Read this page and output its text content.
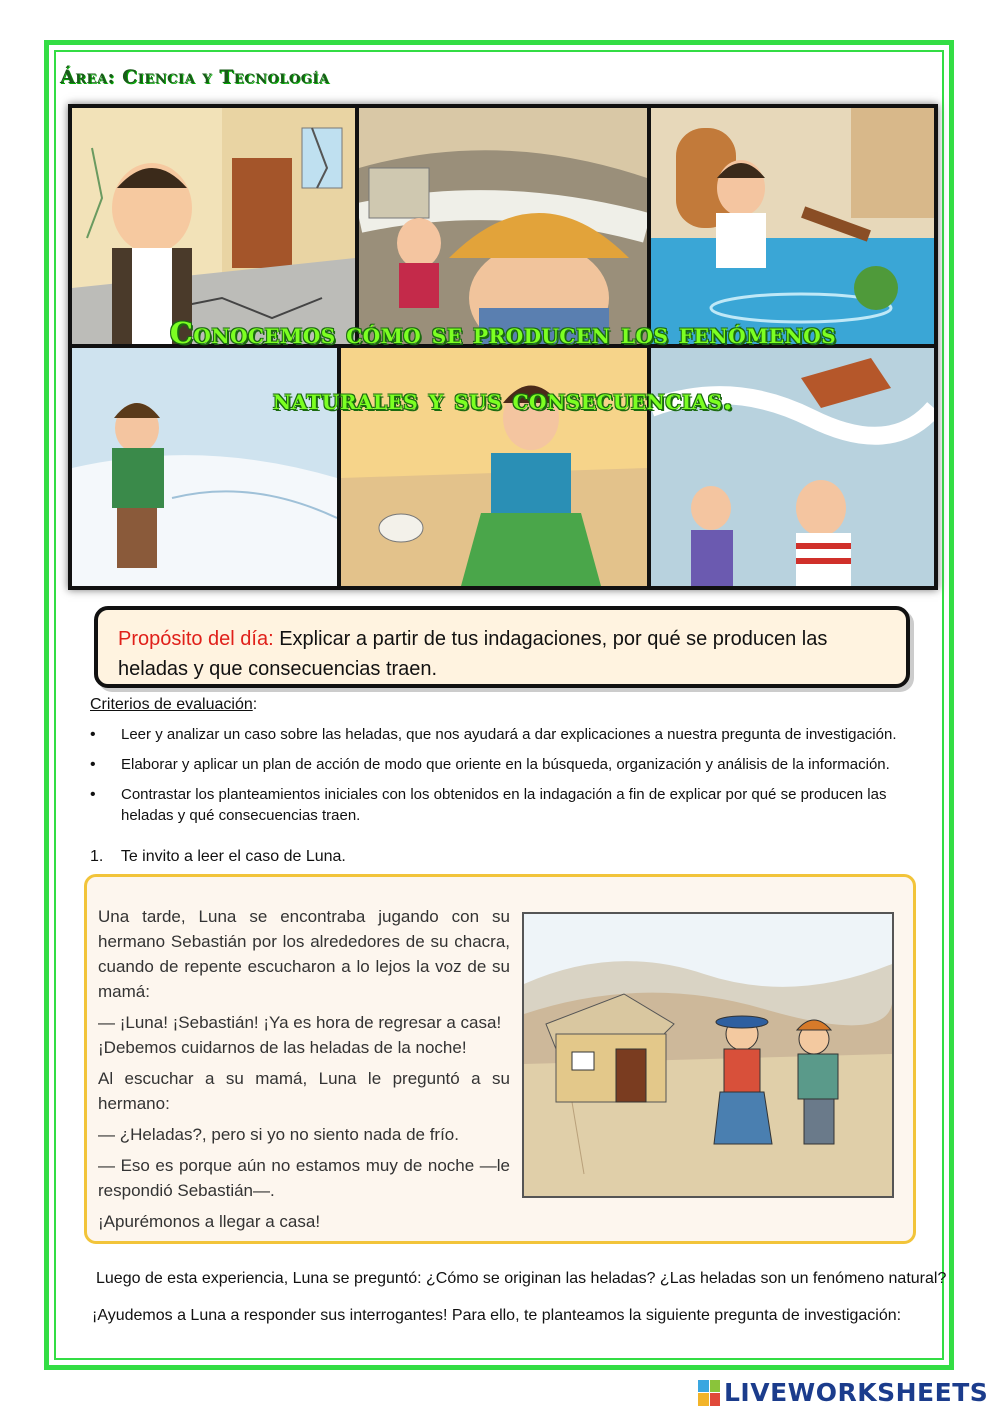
Área: Ciencia y Tecnología
Conocemos cómo se producen los fenómenos
naturales y sus consecuencias.
Propósito del día: Explicar a partir de tus indagaciones, por qué se producen las heladas y que consecuencias traen.
Criterios de evaluación:
• Leer y analizar un caso sobre las heladas, que nos ayudará a dar explicaciones a nuestra pregunta de investigación.
• Elaborar y aplicar un plan de acción de modo que oriente en la búsqueda, organización y análisis de la información.
• Contrastar los planteamientos iniciales con los obtenidos en la indagación a fin de explicar por qué se producen las heladas y qué consecuencias traen.
1.    Te invito a leer el caso de Luna.

Una tarde, Luna se encontraba jugando con su hermano Sebastián por los alrededores de su chacra, cuando de repente escucharon a lo lejos la voz de su mamá:

— ¡Luna! ¡Sebastián! ¡Ya es hora de regresar a casa! ¡Debemos cuidarnos de las heladas de la noche!

Al escuchar a su mamá, Luna le preguntó a su hermano:

— ¿Heladas?, pero si yo no siento nada de frío.

— Eso es porque aún no estamos muy de noche —le respondió Sebastián—.

¡Apurémonos a llegar a casa!

Luego de esta experiencia, Luna se preguntó: ¿Cómo se originan las heladas? ¿Las heladas son un fenómeno natural?
¡Ayudemos a Luna a responder sus interrogantes! Para ello, te planteamos la siguiente pregunta de investigación:
LIVEWORKSHEETS
